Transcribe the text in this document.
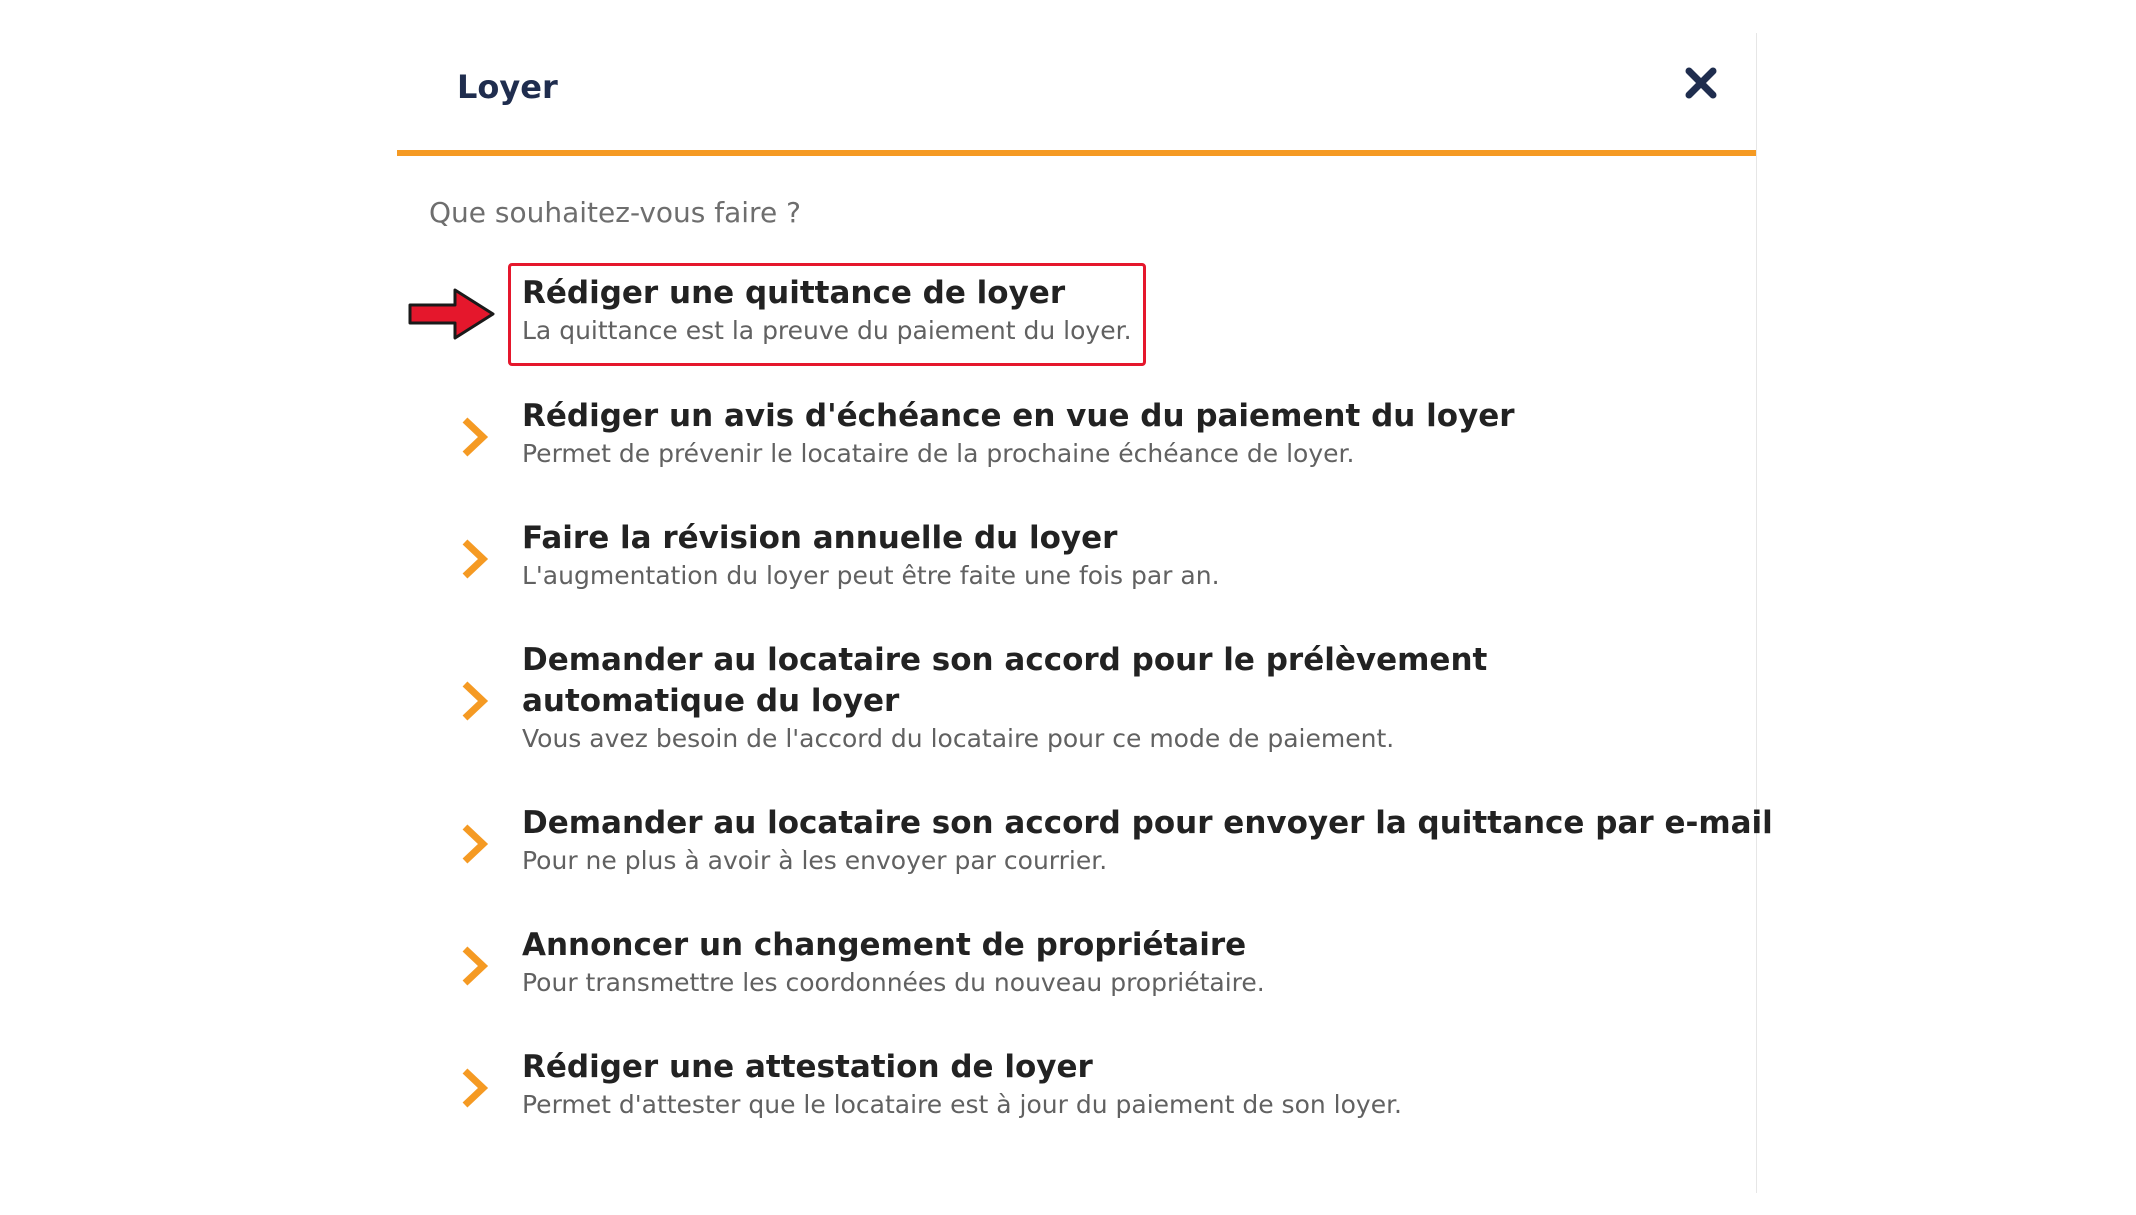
Loyer
Que souhaitez-vous faire ?
Rédiger une quittance de loyer
La quittance est la preuve du paiement du loyer.
Rédiger un avis d'échéance en vue du paiement du loyer
Permet de prévenir le locataire de la prochaine échéance de loyer.
Faire la révision annuelle du loyer
L'augmentation du loyer peut être faite une fois par an.
Demander au locataire son accord pour le prélèvement automatique du loyer
Vous avez besoin de l'accord du locataire pour ce mode de paiement.
Demander au locataire son accord pour envoyer la quittance par e-mail
Pour ne plus à avoir à les envoyer par courrier.
Annoncer un changement de propriétaire
Pour transmettre les coordonnées du nouveau propriétaire.
Rédiger une attestation de loyer
Permet d'attester que le locataire est à jour du paiement de son loyer.
